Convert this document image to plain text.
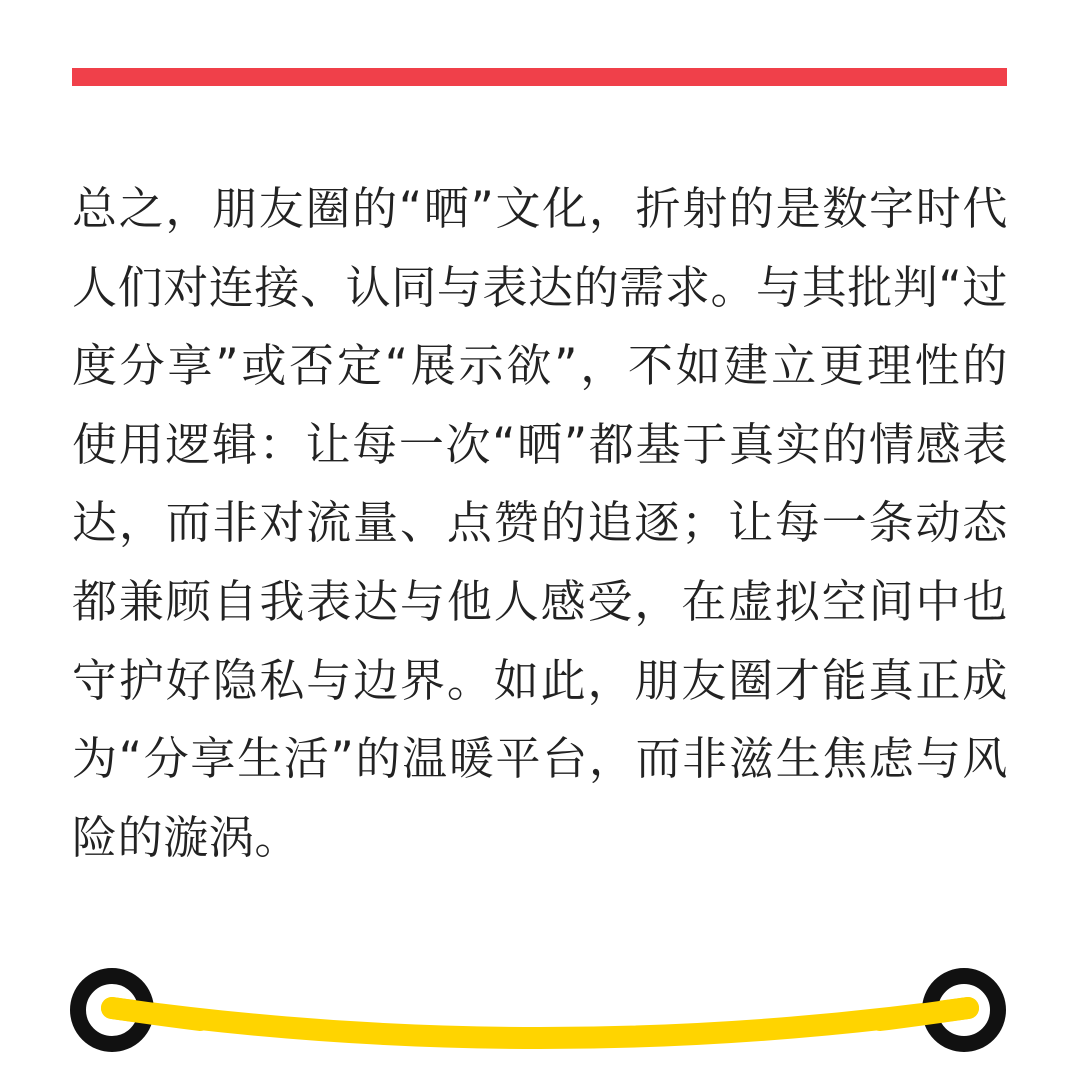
总之，朋友圈的“晒”文化，折射的是数字时代人们对连接、认同与表达的需求。与其批判“过度分享”或否定“展示欲”，不如建立更理性的使用逻辑：让每一次“晒”都基于真实的情感表达，而非对流量、点赞的追逐；让每一条动态都兼顾自我表达与他人感受，在虚拟空间中也守护好隐私与边界。如此，朋友圈才能真正成为“分享生活”的温暖平台，而非滋生焦虑与风险的漩涡。
